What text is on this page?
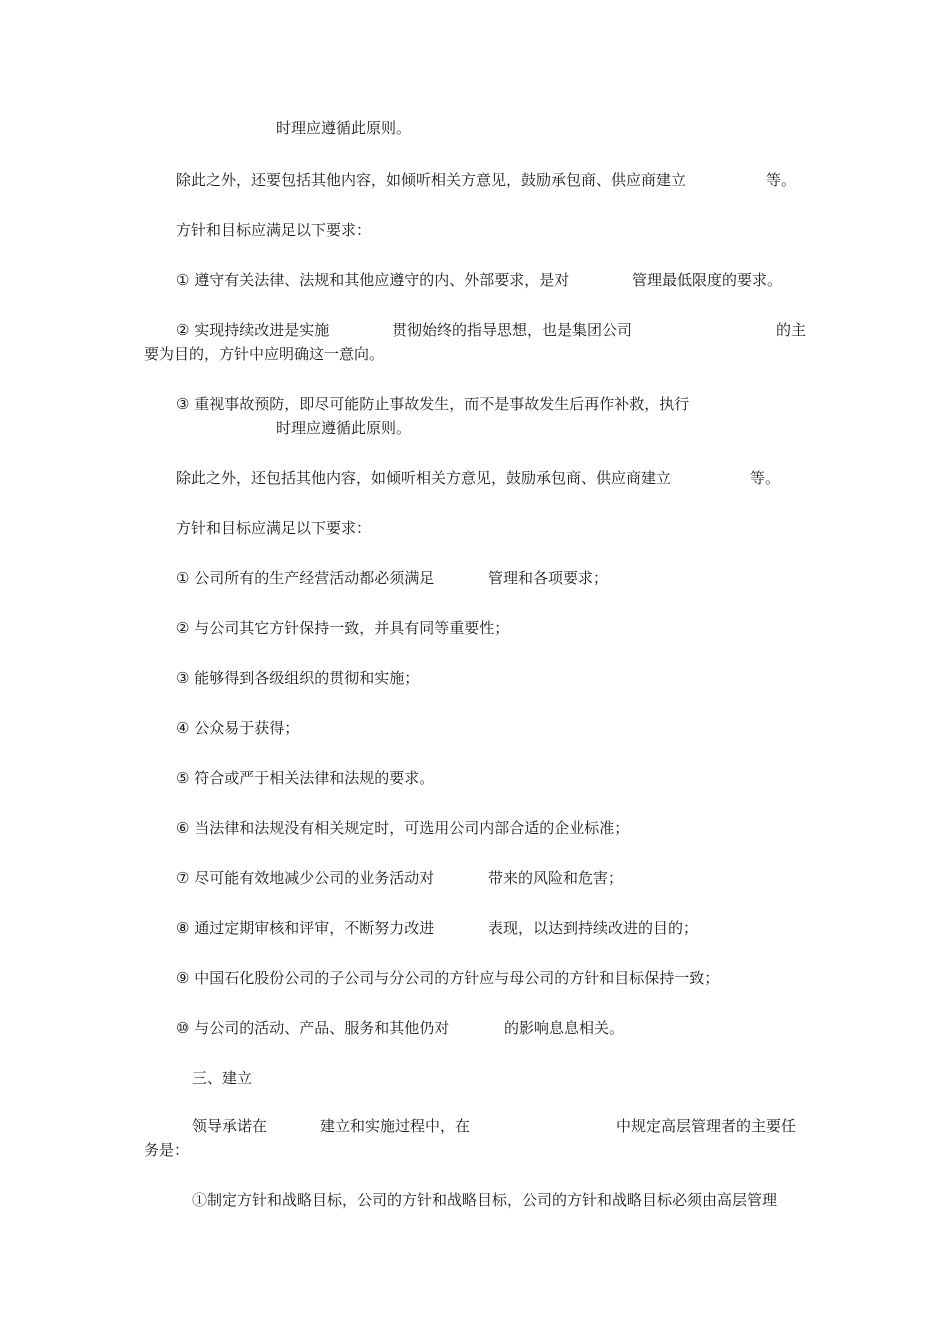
时理应遵循此原则。

除此之外，还要包括其他内容，如倾听相关方意见，鼓励承包商、供应商建立	等。

方针和目标应满足以下要求：

① 遵守有关法律、法规和其他应遵守的内、外部要求，是对	管理最低限度的要求。

② 实现持续改进是实施	贯彻始终的指导思想，也是集团公司	的主

要为目的，方针中应明确这一意向。

③ 重视事故预防，即尽可能防止事故发生，而不是事故发生后再作补救，执行

时理应遵循此原则。

除此之外，还包括其他内容，如倾听相关方意见，鼓励承包商、供应商建立	等。

方针和目标应满足以下要求：

① 公司所有的生产经营活动都必须满足	管理和各项要求；

② 与公司其它方针保持一致，并具有同等重要性；

③ 能够得到各级组织的贯彻和实施；

④ 公众易于获得；

⑤ 符合或严于相关法律和法规的要求。

⑥ 当法律和法规没有相关规定时，可选用公司内部合适的企业标准；

⑦ 尽可能有效地减少公司的业务活动对	带来的风险和危害；

⑧ 通过定期审核和评审，不断努力改进	表现，以达到持续改进的目的；

⑨ 中国石化股份公司的子公司与分公司的方针应与母公司的方针和目标保持一致；

⑩ 与公司的活动、产品、服务和其他仍对	的影响息息相关。

三、建立

领导承诺在	建立和实施过程中，在	中规定高层管理者的主要任

务是：

①制定方针和战略目标，公司的方针和战略目标，公司的方针和战略目标必须由高层管理
